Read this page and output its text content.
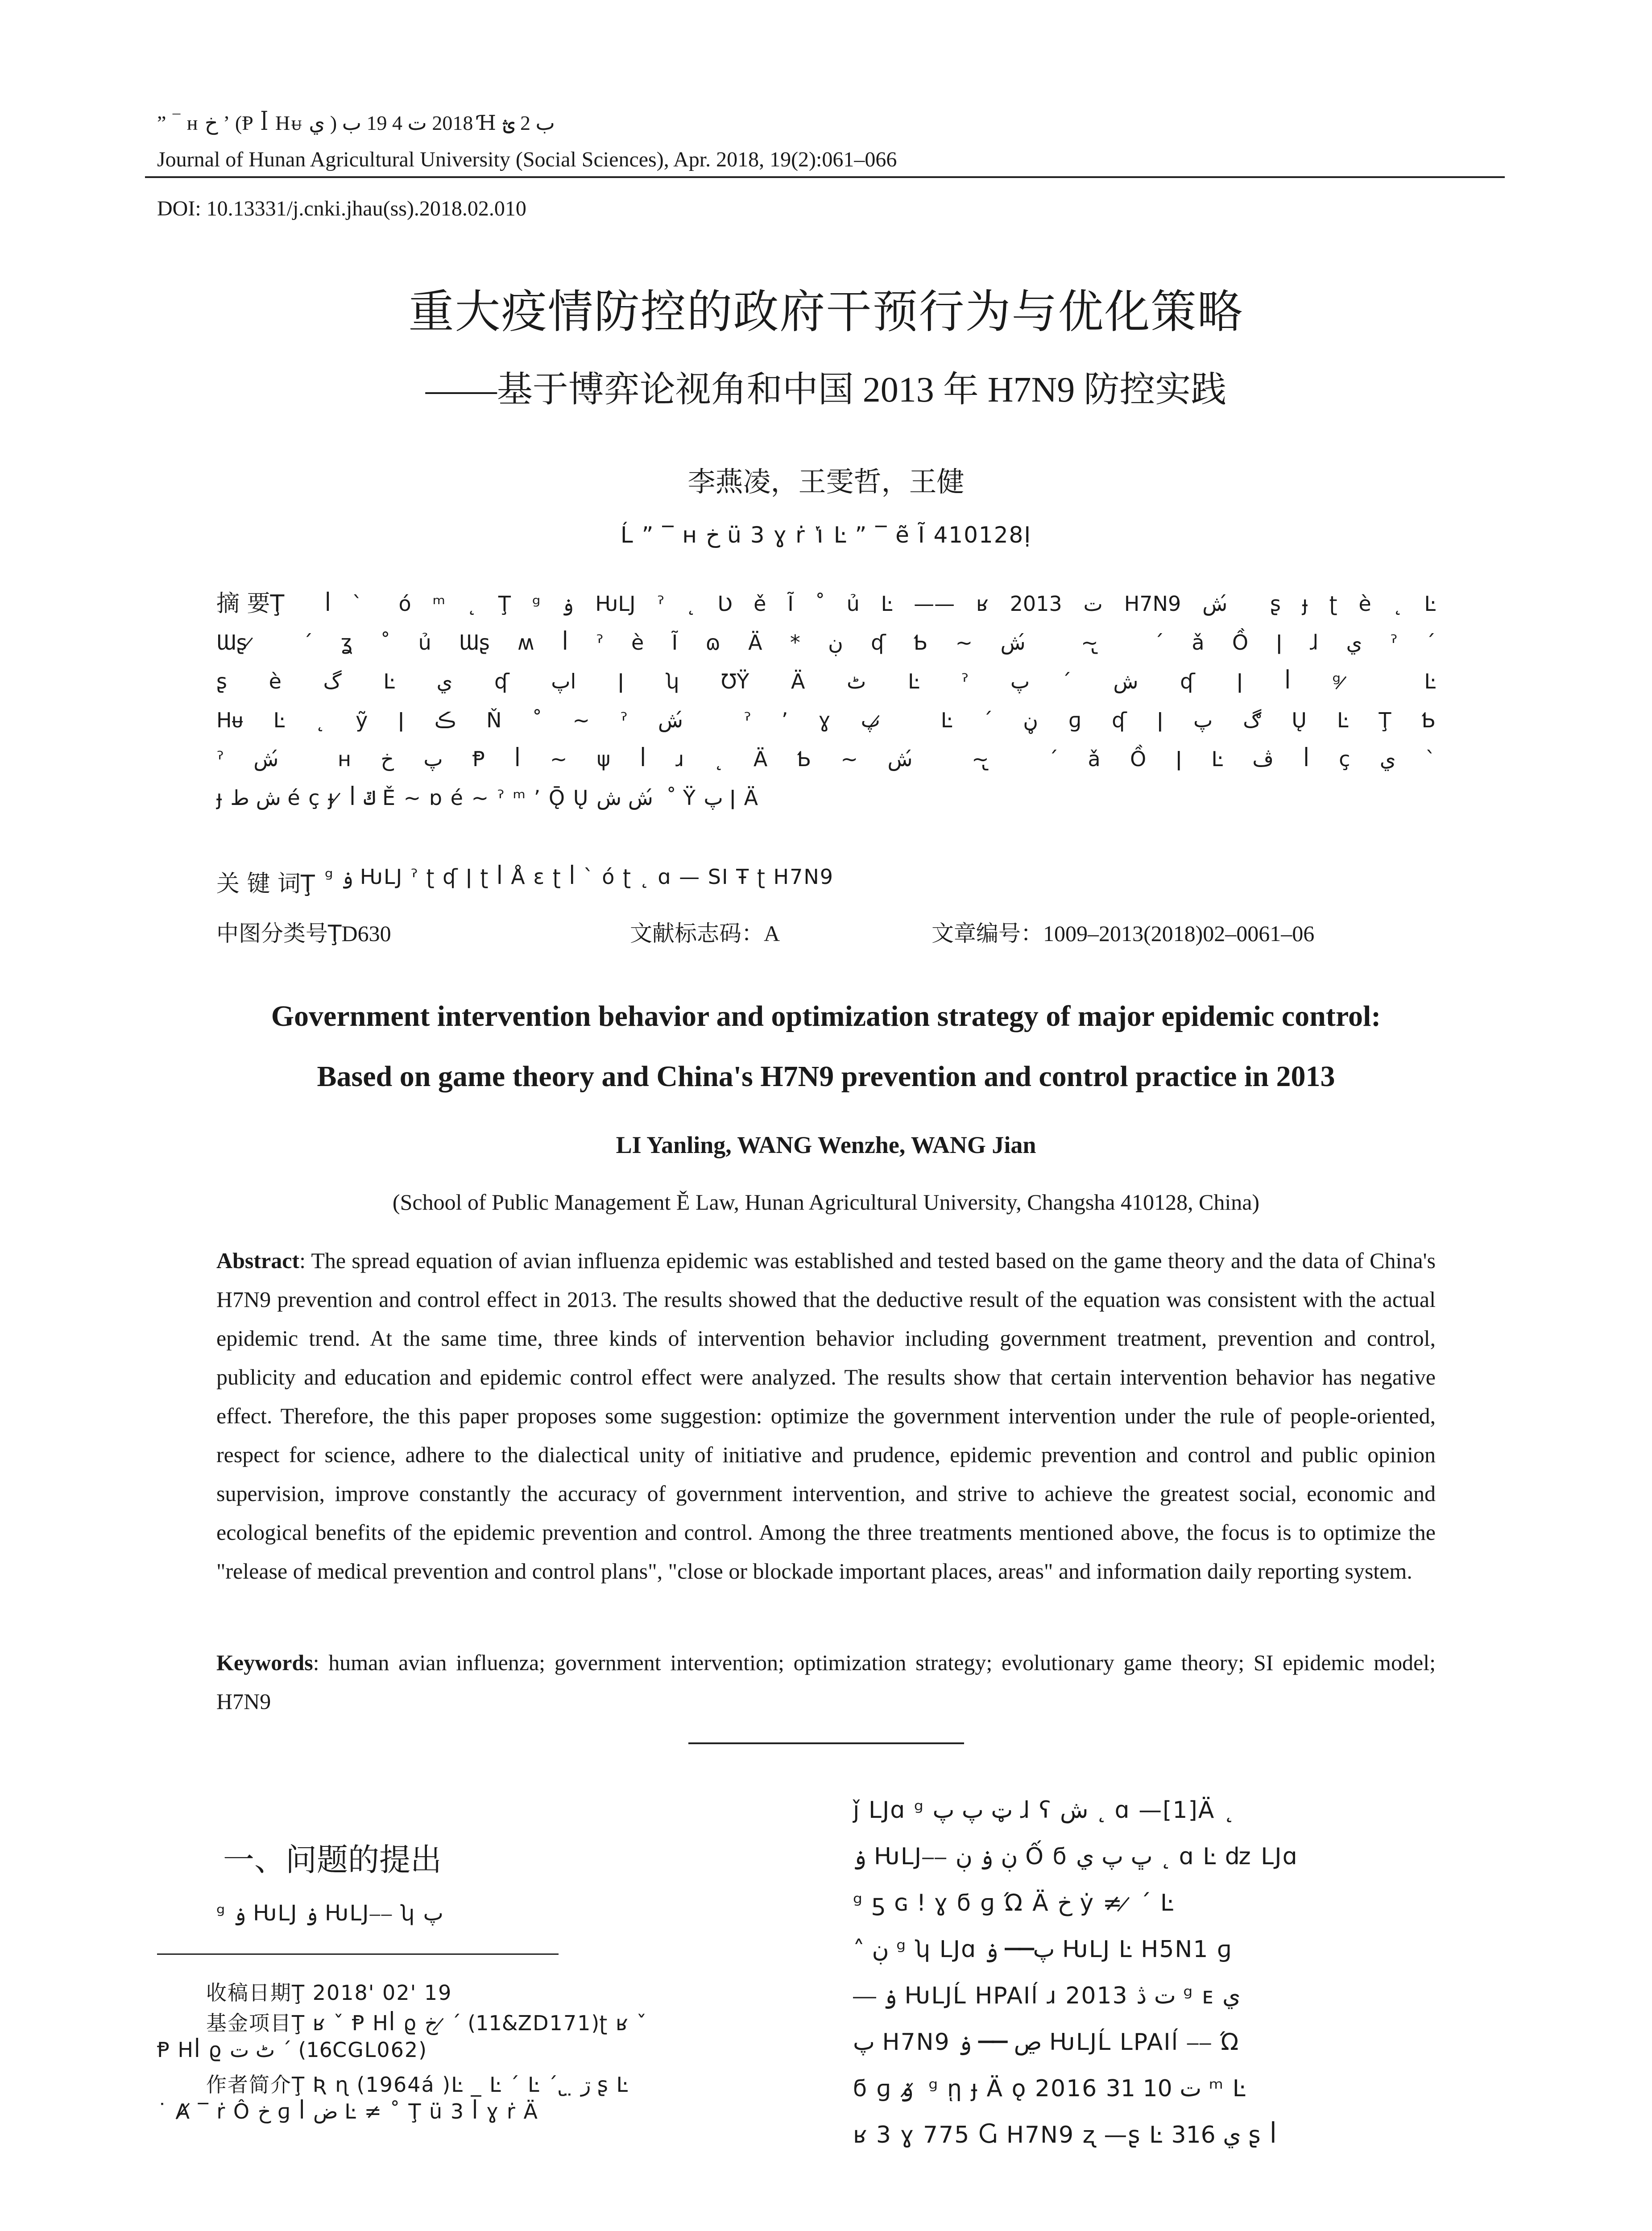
” ‾ ʜ خ ʼ (Ᵽ ꟾ Hᵾ ي ) 2018 ت 4 19 ب Ɦ ب 2 ؿ
Journal of Hunan Agricultural University (Social Sciences), Apr. 2018, 19(2):061–066
DOI: 10.13331/j.cnki.jhau(ss).2018.02.010
重大疫情防控的政府干预行为与优化策略
——基于博弈论视角和中国 2013 年 H7N9 防控实践
李燕凌，王雯哲，王健
Ĺ ” ‾ ʜ خ ü 3 ɣ ṙ ݳ Ŀ ” ‾ ẽ Ĩ 410128Ị
摘 要Ţ ꟾ ˋ ó ᵐ ˛ Ţ ᵍ ۏ ǶLJ ˀ ˛ Ʋ ě Ĩ ˚ ủ Ŀ —— ʁ 2013 ت H7N9 ش ́ ʂ ɟ ʈ è ˛ Ŀ
Ɯʂ ̷ ´ ʓ ˚ ủ Ɯʂ ʍ ꟾ ˀ è Ĩ ɷ Ä * ڹ ʠ Ƅ ~ ش ́ ~ ̢ ´ ǎ Ồ ǀ ɺ ي ˀ ´
ʂ è گ Ŀ ي ʠ اپ ǀ ʮ ƱŸ Ä ٹ Ŀ ˀ ش ́ پ ʠ ǀ ꟾ ᵍ ̷ Ŀ
Hᵾ Ŀ ˛ ỹ ǀ ڪ Ň ˚ ~ ˀ ش ́ ˀ ’ ɣ پ ̷ Ŀ ´ ڼ ɡ ʠ ǀ ڰ پ Ų Ŀ Ţ Ƅ
ˀ ش ́ ʜ پ خ Ᵽ ꟾ ~ ψ ꟾ ɹ ˛ Ä Ƅ ~ ش ́ ~ ̢ ´ ǎ Ồ ǀ Ŀ ڤ ꟾ ç ي ˋ
ɟ ش ط é ç ɟ ̷ ꟾ ݿ Ě ~ ɒ é ~ ˀ ᵐ ʼ Ǭ Ų ش ش ́ ˚ Ÿ پ ǀ Ä
关 键 词Ţ ᵍ ۏ ǶLJ ˀ ʈ ʠ ǀ ʈ ꟾ Å ɛ ʈ ꟾ ˋ ó ʈ ˛ ɑ — SI Ŧ ʈ H7N9
中图分类号ŢD630	文献标志码：A	文章编号：1009–2013(2018)02–0061–06
Government intervention behavior and optimization strategy of major epidemic control:
Based on game theory and China's H7N9 prevention and control practice in 2013
LI Yanling, WANG Wenzhe, WANG Jian
(School of Public Management Ě Law, Hunan Agricultural University, Changsha 410128, China)
Abstract: The spread equation of avian influenza epidemic was established and tested based on the game theory and the data of China's H7N9 prevention and control effect in 2013. The results showed that the deductive result of the equation was consistent with the actual epidemic trend. At the same time, three kinds of intervention behavior including government treatment, prevention and control, publicity and education and epidemic control effect were analyzed. The results show that certain intervention behavior has negative effect. Therefore, the this paper proposes some suggestion: optimize the government intervention under the rule of people-oriented, respect for science, adhere to the dialectical unity of initiative and prudence, epidemic prevention and control and public opinion supervision, improve constantly the accuracy of government intervention, and strive to achieve the greatest social, economic and ecological benefits of the epidemic prevention and control. Among the three treatments mentioned above, the focus is to optimize the "release of medical prevention and control plans", "close or blockade important places, areas" and information daily reporting system.
Keywords: human avian influenza; government intervention; optimization strategy; evolutionary game theory; SI epidemic model; H7N9
一、问题的提出
ᵍ ۏ ǶLJ ۏ ǶLJ⎯⎯ ʮ پ
收稿日期Ţ 2018ꞌ 02ꞌ 19
基金项目Ţ ʁ ˇ Ᵽ Hꟾ ϱ خ ̷ ´ (11&ZD171)ʈ ʁ ˇ
Ᵽ Hꟾ ϱ ٹ ت ´ (16CGL062)
作者简介Ţ Ʀ ɳ (1964á )Ŀ _ Ŀ ´ Ŀ ´ ̢ ̤ ڗ ʂ Ŀ
˙ Ⱥ ‾ ṙ Ô خ ɡ ꟾ ض Ŀ ≠ ˚ Ţ ü 3 ꟾ ɣ ṙ Ä
ǰ LJɑ ᵍ ټ پ پ ɺ ʕ ش ˛ ɑ —[1]Ä ˛
ۏ ǶLJ⎯⎯ ڹ ۏ ڹ Ố ϭ ڀ پ ي ˛ ɑ Ŀ ǳ LJɑ
ᵍ ƽ ɢ ǃ ɣ ϭ ɡ Ώ Ä خ ẏ ≠ ̷ ´ Ŀ
˄ ڹ ᵍ ʮ LJɑ پ⎯⎯ ۏ ǶLJ Ŀ H5N1 ɡ
⎯⎯ ۏ ǶLJĹ HPAIĺ ɹ 2013 ت ڎ ᵍ ᴇ ي
پ H7N9 ڝ ⎯⎯ ۏ ǶLJĹ LPAIĺ ⎯⎯ Ώ
ϭ ɡ ۏ ̷ ᵍ ῃ ɟ Ä ǫ 2016 ت 10 31 ᵐ Ŀ
ʁ 3 ɣ 775 Ⴚ H7N9 ʐ —ʂ Ŀ ي 316 ʂ ꟾ
